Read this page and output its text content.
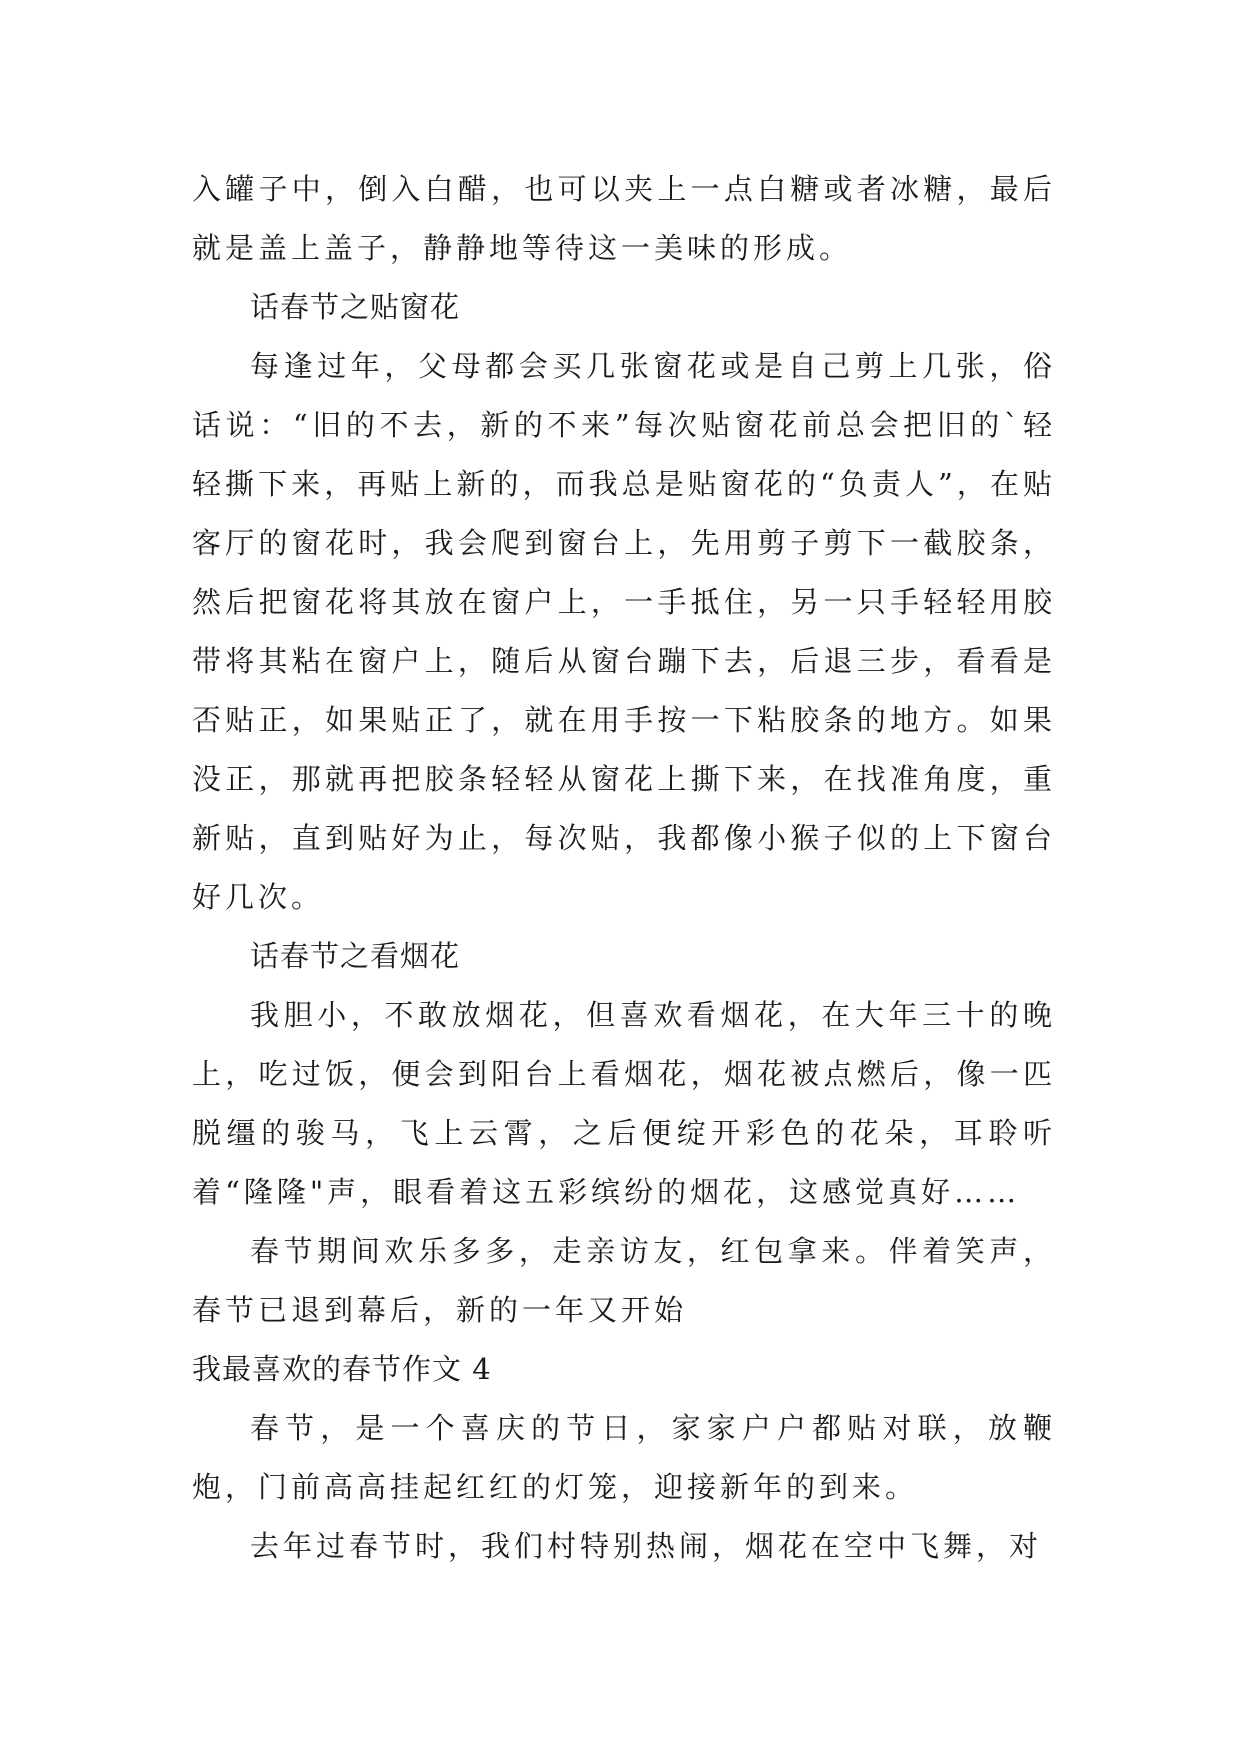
入罐子中，倒入白醋，也可以夹上一点白糖或者冰糖，最后就是盖上盖子，静静地等待这一美味的形成。

话春节之贴窗花

每逢过年，父母都会买几张窗花或是自己剪上几张，俗话说：“旧的不去，新的不来”每次贴窗花前总会把旧的`轻轻撕下来，再贴上新的，而我总是贴窗花的“负责人”，在贴客厅的窗花时，我会爬到窗台上，先用剪子剪下一截胶条，然后把窗花将其放在窗户上，一手抵住，另一只手轻轻用胶带将其粘在窗户上，随后从窗台蹦下去，后退三步，看看是否贴正，如果贴正了，就在用手按一下粘胶条的地方。如果没正，那就再把胶条轻轻从窗花上撕下来，在找准角度，重新贴，直到贴好为止，每次贴，我都像小猴子似的上下窗台好几次。

话春节之看烟花

我胆小，不敢放烟花，但喜欢看烟花，在大年三十的晚上，吃过饭，便会到阳台上看烟花，烟花被点燃后，像一匹脱缰的骏马，飞上云霄，之后便绽开彩色的花朵，耳聆听着“隆隆"声，眼看着这五彩缤纷的烟花，这感觉真好……

春节期间欢乐多多，走亲访友，红包拿来。伴着笑声，春节已退到幕后，新的一年又开始

我最喜欢的春节作文 4

春节，是一个喜庆的节日，家家户户都贴对联，放鞭炮，门前高高挂起红红的灯笼，迎接新年的到来。

去年过春节时，我们村特别热闹，烟花在空中飞舞，对
